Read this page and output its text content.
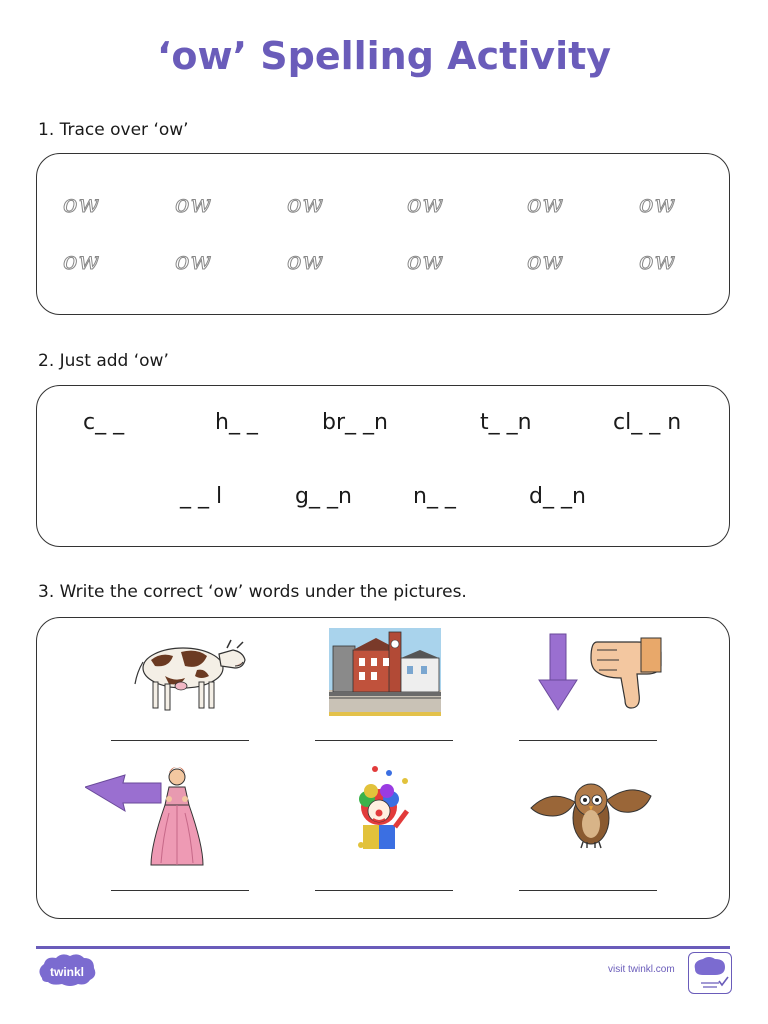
‘ow’ Spelling Activity
1. Trace over ‘ow’
ow	ow	ow	ow	ow	ow
ow	ow	ow	ow	ow	ow
2. Just add ‘ow’
c_ _	h_ _	br_ _n	t_ _n	cl_ _ n
_ _ l	g_ _n	n_ _	d_ _n
3. Write the correct ‘ow’ words under the pictures.
twinkl	visit twinkl.com
